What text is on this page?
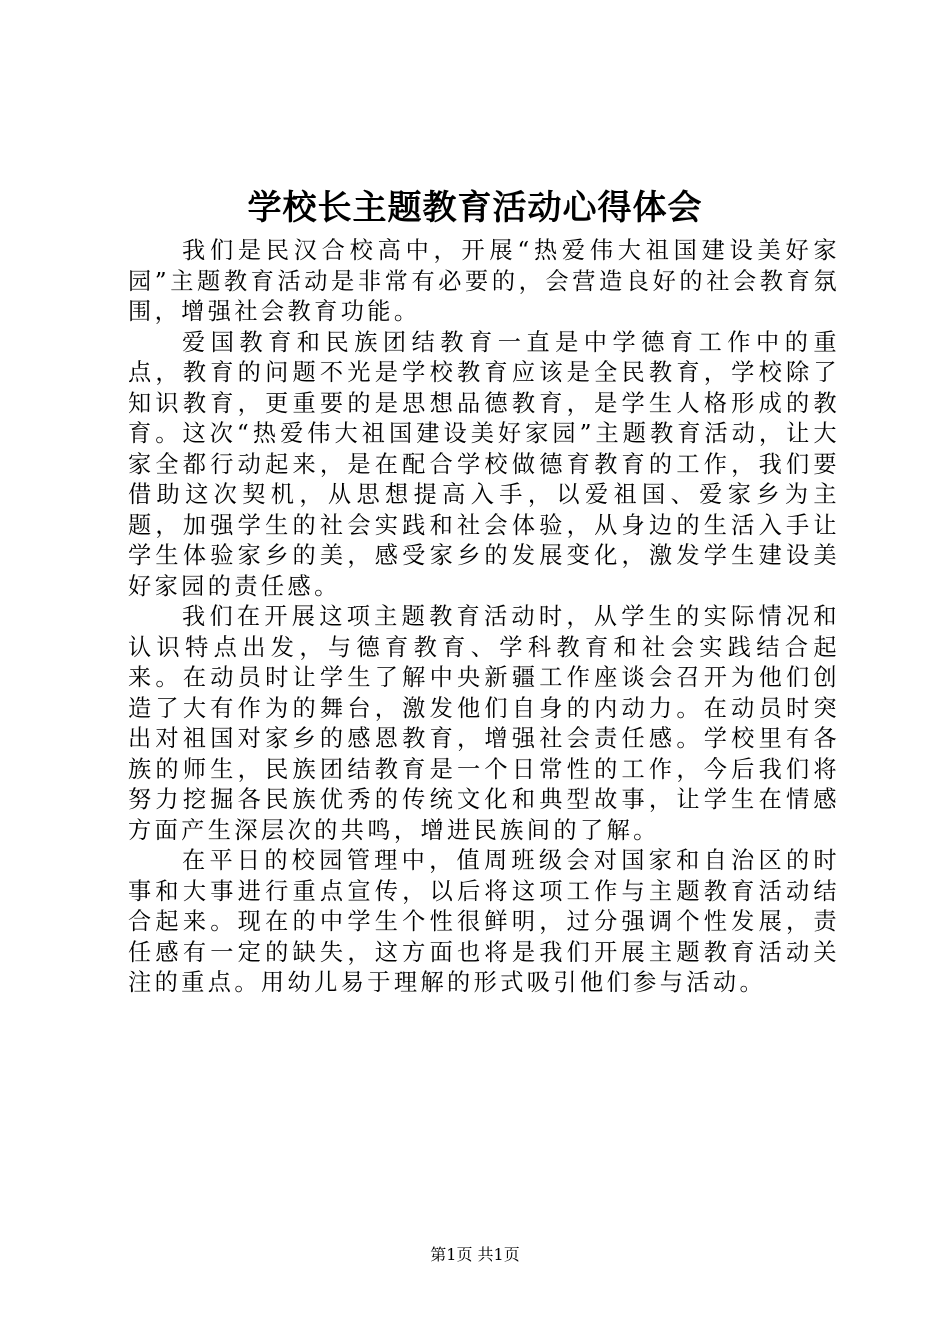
学校长主题教育活动心得体会

我们是民汉合校高中，开展“热爱伟大祖国建设美好家园”主题教育活动是非常有必要的，会营造良好的社会教育氛围，增强社会教育功能。

爱国教育和民族团结教育一直是中学德育工作中的重点，教育的问题不光是学校教育应该是全民教育，学校除了知识教育，更重要的是思想品德教育，是学生人格形成的教育。这次“热爱伟大祖国建设美好家园”主题教育活动，让大家全都行动起来，是在配合学校做德育教育的工作，我们要借助这次契机，从思想提高入手，以爱祖国、爱家乡为主题，加强学生的社会实践和社会体验，从身边的生活入手让学生体验家乡的美，感受家乡的发展变化，激发学生建设美好家园的责任感。

我们在开展这项主题教育活动时，从学生的实际情况和认识特点出发，与德育教育、学科教育和社会实践结合起来。在动员时让学生了解中央新疆工作座谈会召开为他们创造了大有作为的舞台，激发他们自身的内动力。在动员时突出对祖国对家乡的感恩教育，增强社会责任感。学校里有各族的师生，民族团结教育是一个日常性的工作，今后我们将努力挖掘各民族优秀的传统文化和典型故事，让学生在情感方面产生深层次的共鸣，增进民族间的了解。

在平日的校园管理中，值周班级会对国家和自治区的时事和大事进行重点宣传，以后将这项工作与主题教育活动结合起来。现在的中学生个性很鲜明，过分强调个性发展，责任感有一定的缺失，这方面也将是我们开展主题教育活动关注的重点。用幼儿易于理解的形式吸引他们参与活动。

第1页 共1页
